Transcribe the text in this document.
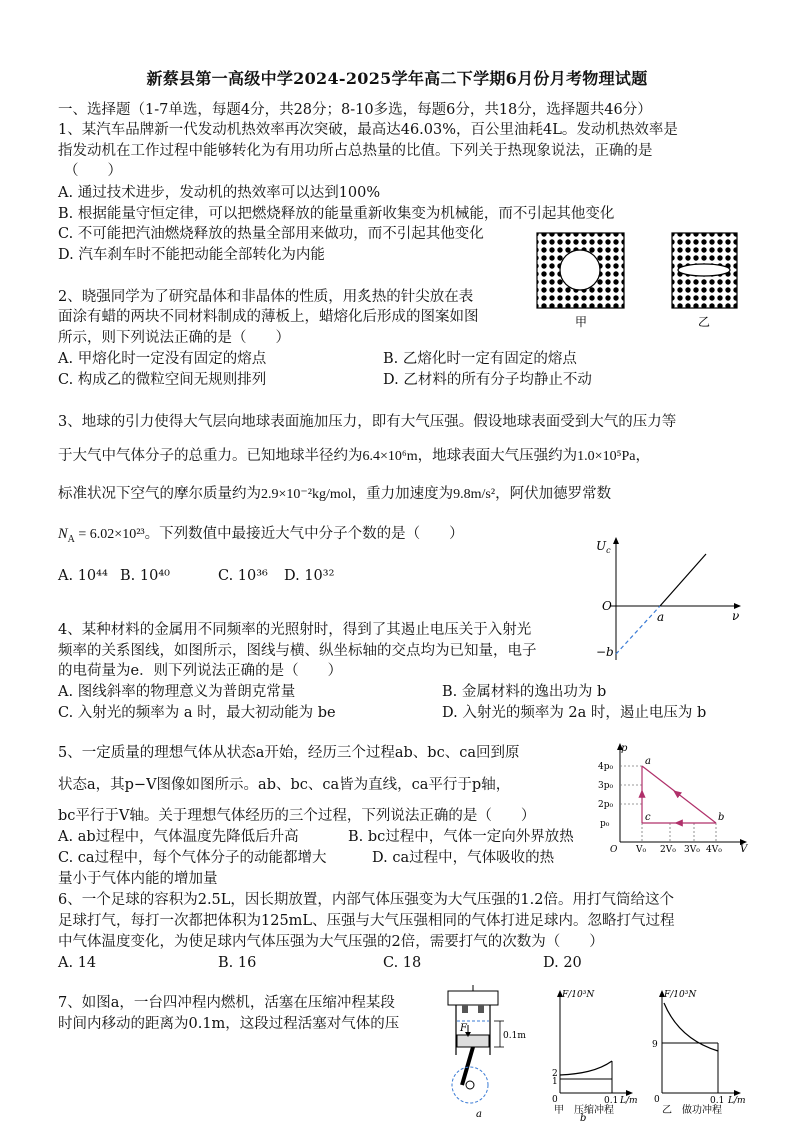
新蔡县第一高级中学2024-2025学年高二下学期6月份月考物理试题
一、选择题（1-7单选，每题4分，共28分；8-10多选，每题6分，共18分，选择题共46分）
1、某汽车品牌新一代发动机热效率再次突破，最高达46.03%，百公里油耗4L。发动机热效率是
指发动机在工作过程中能够转化为有用功所占总热量的比值。下列关于热现象说法，正确的是
（　　）
A. 通过技术进步，发动机的热效率可以达到100%
B. 根据能量守恒定律，可以把燃烧释放的能量重新收集变为机械能，而不引起其他变化
C. 不可能把汽油燃烧释放的热量全部用来做功，而不引起其他变化
D. 汽车刹车时不能把动能全部转化为内能
甲	乙
2、晓强同学为了研究晶体和非晶体的性质，用炙热的针尖放在表
面涂有蜡的两块不同材料制成的薄板上，蜡熔化后形成的图案如图
所示，则下列说法正确的是（　　）
A. 甲熔化时一定没有固定的熔点	B. 乙熔化时一定有固定的熔点
C. 构成乙的微粒空间无规则排列	D. 乙材料的所有分子均静止不动
3、地球的引力使得大气层向地球表面施加压力，即有大气压强。假设地球表面受到大气的压力等
于大气中气体分子的总重力。已知地球半径约为6.4×10⁶m，地球表面大气压强约为1.0×10⁵Pa，
标准状况下空气的摩尔质量约为2.9×10⁻²kg/mol，重力加速度为9.8m/s²，阿伏加德罗常数
$N_A = 6.02\times 10^{23}$。下列数值中最接近大气中分子个数的是（　　）
A. 10⁴⁴ B. 10⁴⁰	C. 10³⁶ D. 10³²
$U_c$
O
a	ν
−b
4、某种材料的金属用不同频率的光照射时，得到了其遏止电压关于入射光
频率的关系图线，如图所示，图线与横、纵坐标轴的交点均为已知量，电子
的电荷量为e．则下列说法正确的是（　　）
A. 图线斜率的物理意义为普朗克常量	B. 金属材料的逸出功为 b
C. 入射光的频率为 a 时，最大初动能为 be	D. 入射光的频率为 2a 时，遏止电压为 b
p
4p₀
3p₀
2p₀
p₀
O V₀ 2V₀ 3V₀ 4V₀ V
a
b
c
5、一定质量的理想气体从状态a开始，经历三个过程ab、bc、ca回到原
状态a，其p−V图像如图所示。ab、bc、ca皆为直线，ca平行于p轴，
bc平行于V轴。关于理想气体经历的三个过程，下列说法正确的是（　　）
A. ab过程中，气体温度先降低后升高	B. bc过程中，气体一定向外界放热
C. ca过程中，每个气体分子的动能都增大	D. ca过程中，气体吸收的热
量小于气体内能的增加量
6、一个足球的容积为2.5L，因长期放置，内部气体压强变为大气压强的1.2倍。用打气筒给这个
足球打气，每打一次都把体积为125mL、压强与大气压强相同的气体打进足球内。忽略打气过程
中气体温度变化，为使足球内气体压强为大气压强的2倍，需要打气的次数为（　　）
A. 14	B. 16	C. 18	D. 20
7、如图a，一台四冲程内燃机，活塞在压缩冲程某段
时间内移动的距离为0.1m，这段过程活塞对气体的压	F
0.1m
a
F/10³N
2
1
0	0.1 L/m
甲　压缩冲程
b
F/10³N
9
0	0.1 L/m
乙　做功冲程
